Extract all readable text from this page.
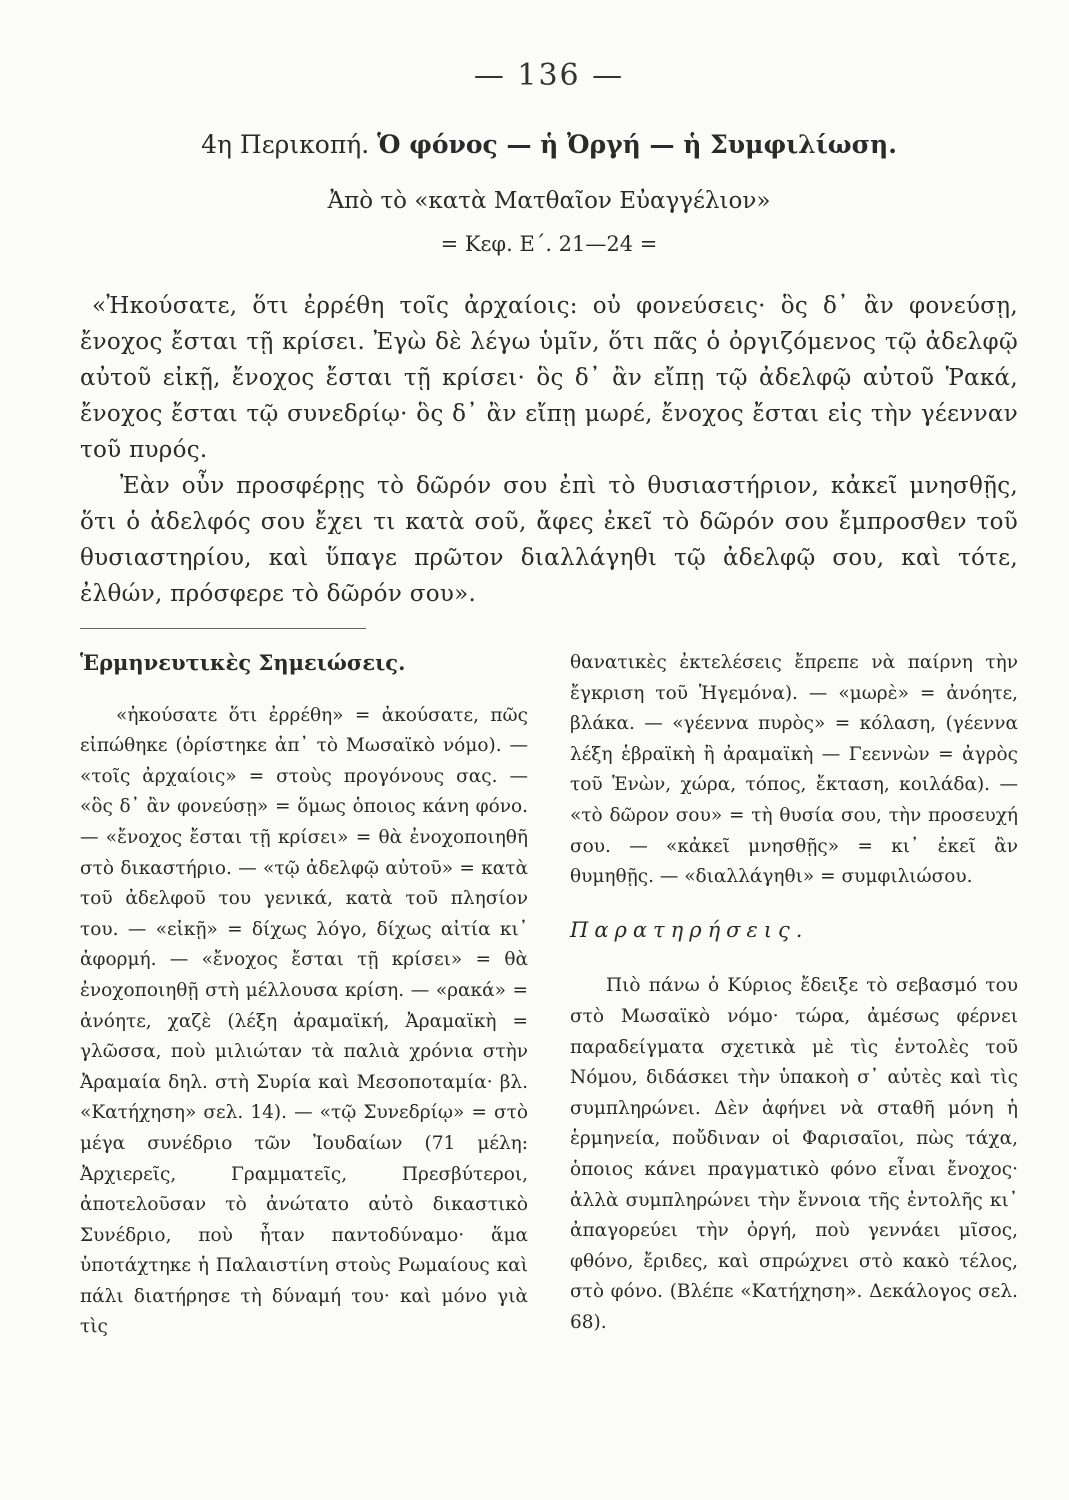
— 136 —
4η Περικοπή. Ὁ φόνος — ἡ Ὀργή — ἡ Συμφιλίωση.
Ἀπὸ τὸ «κατὰ Ματθαῖον Εὐαγγέλιον»
= Κεφ. Ε΄. 21—24 =

«Ἠκούσατε, ὅτι ἐρρέθη τοῖς ἀρχαίοις: οὐ φονεύσεις· ὃς δ᾽ ἂν φονεύσῃ, ἔνοχος ἔσται τῇ κρίσει. Ἐγὼ δὲ λέγω ὑμῖν, ὅτι πᾶς ὁ ὀργιζόμενος τῷ ἀδελφῷ αὐτοῦ εἰκῇ, ἔνοχος ἔσται τῇ κρίσει· ὃς δ᾽ ἂν εἴπῃ τῷ ἀδελφῷ αὐτοῦ Ῥακά, ἔνοχος ἔσται τῷ συνεδρίῳ· ὃς δ᾽ ἂν εἴπῃ μωρέ, ἔνοχος ἔσται εἰς τὴν γέενναν τοῦ πυρός.

Ἐὰν οὖν προσφέρῃς τὸ δῶρόν σου ἐπὶ τὸ θυσιαστήριον, κἀκεῖ μνησθῇς, ὅτι ὁ ἀδελφός σου ἔχει τι κατὰ σοῦ, ἄφες ἐκεῖ τὸ δῶρόν σου ἔμπροσθεν τοῦ θυσιαστηρίου, καὶ ὕπαγε πρῶτον διαλλάγηθι τῷ ἀδελφῷ σου, καὶ τότε, ἐλθών, πρόσφερε τὸ δῶρόν σου».

Ἑρμηνευτικὲς Σημειώσεις.

«ἠκούσατε ὅτι ἐρρέθη» = ἀκούσατε, πῶς εἰπώθηκε (ὁρίστηκε ἀπ᾽ τὸ Μωσαϊκὸ νόμο). — «τοῖς ἀρχαίοις» = στοὺς προγόνους σας. — «ὃς δ᾽ ἂν φονεύσῃ» = ὅμως ὁποιος κάνη φόνο. — «ἔνοχος ἔσται τῇ κρίσει» = θὰ ἐνοχοποιηθῆ στὸ δικαστήριο. — «τῷ ἀδελφῷ αὐτοῦ» = κατὰ τοῦ ἀδελφοῦ του γενικά, κατὰ τοῦ πλησίον του. — «εἰκῇ» = δίχως λόγο, δίχως αἰτία κι᾽ ἀφορμή. — «ἔνοχος ἔσται τῇ κρίσει» = θὰ ἐνοχοποιηθῇ στὴ μέλλουσα κρίση. — «ρακά» = ἀνόητε, χαζὲ (λέξη ἀραμαϊκή, Ἀραμαϊκὴ = γλῶσσα, ποὺ μιλιώταν τὰ παλιὰ χρόνια στὴν Ἀραμαία δηλ. στὴ Συρία καὶ Μεσοποταμία· βλ. «Κατήχηση» σελ. 14). — «τῷ Συνεδρίῳ» = στὸ μέγα συνέδριο τῶν Ἰουδαίων (71 μέλη: Ἀρχιερεῖς, Γραμματεῖς, Πρεσβύτεροι, ἀποτελοῦσαν τὸ ἀνώτατο αὐτὸ δικαστικὸ Συνέδριο, ποὺ ἦταν παντοδύναμο· ἅμα ὑποτάχτηκε ἡ Παλαιστίνη στοὺς Ρωμαίους καὶ πάλι διατήρησε τὴ δύναμή του· καὶ μόνο γιὰ τὶς

θανατικὲς ἐκτελέσεις ἔπρεπε νὰ παίρνη τὴν ἔγκριση τοῦ Ἡγεμόνα). — «μωρὲ» = ἀνόητε, βλάκα. — «γέεννα πυρὸς» = κόλαση, (γέεννα λέξη ἑβραϊκὴ ἢ ἀραμαϊκὴ — Γεεννὼν = ἀγρὸς τοῦ Ἑνὼν, χώρα, τόπος, ἔκταση, κοιλάδα). — «τὸ δῶρον σου» = τὴ θυσία σου, τὴν προσευχή σου. — «κἀκεῖ μνησθῇς» = κι᾽ ἐκεῖ ἂν θυμηθῇς. — «διαλλάγηθι» = συμφιλιώσου.

Παρατηρήσεις.

Πιὸ πάνω ὁ Κύριος ἔδειξε τὸ σεβασμό του στὸ Μωσαϊκὸ νόμο· τώρα, ἀμέσως φέρνει παραδείγματα σχετικὰ μὲ τὶς ἐντολὲς τοῦ Νόμου, διδάσκει τὴν ὑπακοὴ σ᾽ αὐτὲς καὶ τὶς συμπληρώνει. Δὲν ἀφήνει νὰ σταθῆ μόνη ἡ ἑρμηνεία, ποὔδιναν οἱ Φαρισαῖοι, πὼς τάχα, ὁποιος κάνει πραγματικὸ φόνο εἶναι ἔνοχος· ἀλλὰ συμπληρώνει τὴν ἔννοια τῆς ἐντολῆς κι᾽ ἀπαγορεύει τὴν ὀργή, ποὺ γεννάει μῖσος, φθόνο, ἔριδες, καὶ σπρώχνει στὸ κακὸ τέλος, στὸ φόνο. (Βλέπε «Κατήχηση». Δεκάλογος σελ. 68).
